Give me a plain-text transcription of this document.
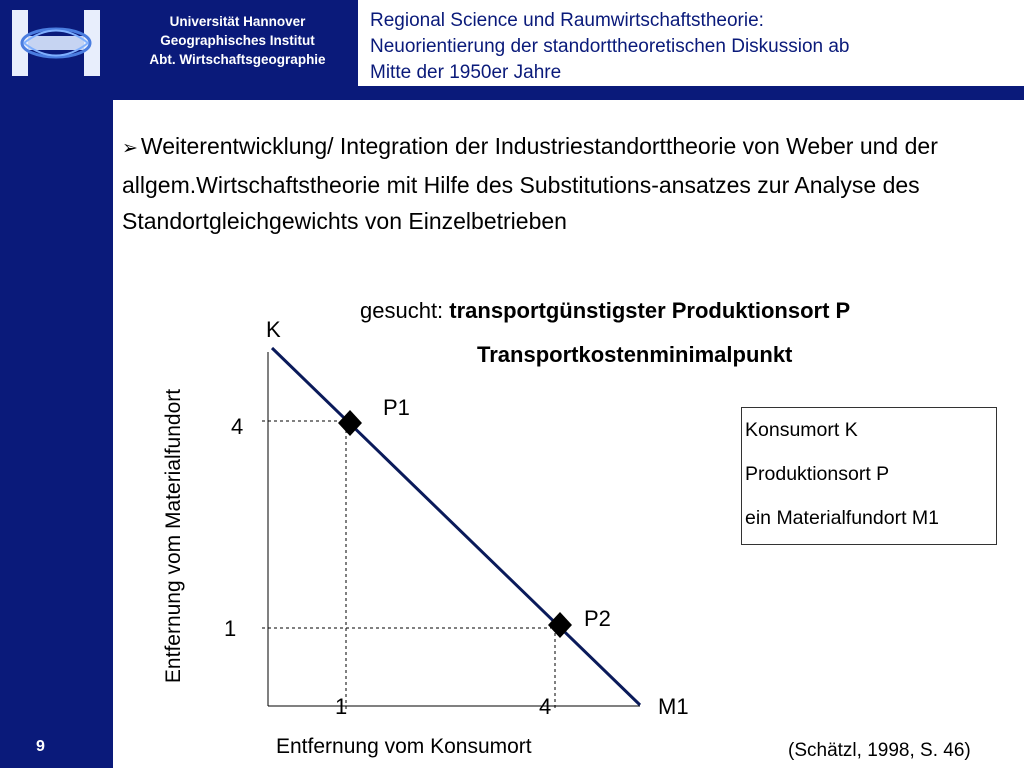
Universität Hannover
Geographisches Institut
Abt. Wirtschaftsgeographie
Regional Science und Raumwirtschaftstheorie:
Neuorientierung der standorttheoretischen Diskussion ab
Mitte der 1950er Jahre
9
➢ Weiterentwicklung/ Integration der Industriestandorttheorie von Weber und der allgem.Wirtschaftstheorie mit Hilfe des Substitutions-ansatzes zur Analyse des Standortgleichgewichts von Einzelbetrieben
gesucht: transportgünstigster Produktionsort P
Transportkostenminimalpunkt
K
M1
P1
P2
4
1
1	4
Entfernung vom Materialfundort
Entfernung vom Konsumort
Konsumort K
Produktionsort P
ein Materialfundort M1
(Schätzl, 1998, S. 46)
